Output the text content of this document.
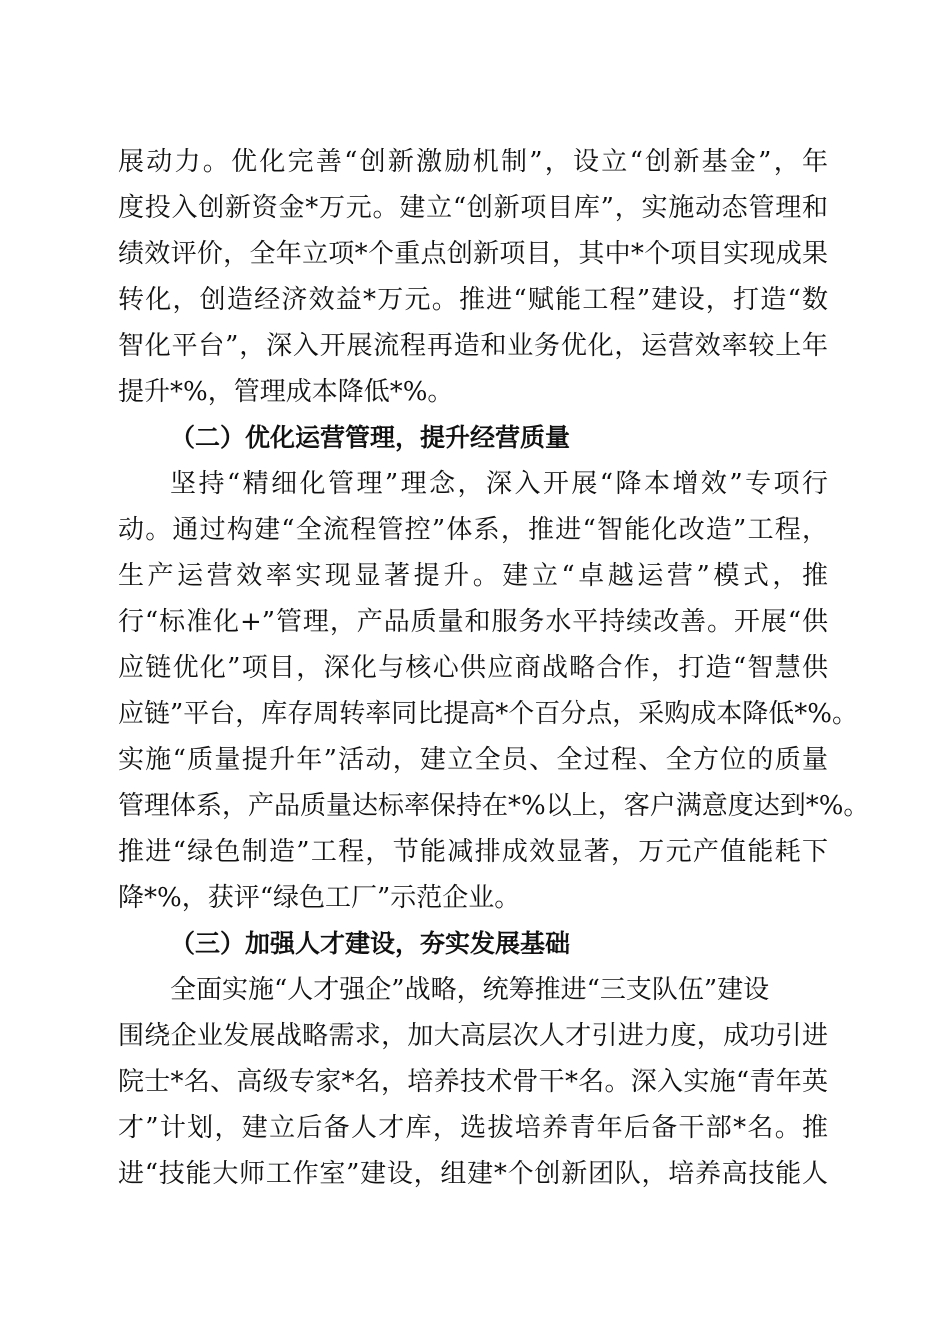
展动力。优化完善“创新激励机制”，设立“创新基金”，年
度投入创新资金*万元。建立“创新项目库”，实施动态管理和
绩效评价，全年立项*个重点创新项目，其中*个项目实现成果
转化，创造经济效益*万元。推进“赋能工程”建设，打造“数
智化平台”，深入开展流程再造和业务优化，运营效率较上年
提升*%，管理成本降低*%。
（二）优化运营管理，提升经营质量
坚持“精细化管理”理念，深入开展“降本增效”专项行
动。通过构建“全流程管控”体系，推进“智能化改造”工程，
生产运营效率实现显著提升。建立“卓越运营”模式，推
行“标准化+”管理，产品质量和服务水平持续改善。开展“供
应链优化”项目，深化与核心供应商战略合作，打造“智慧供
应链”平台，库存周转率同比提高*个百分点，采购成本降低*%。
实施“质量提升年”活动，建立全员、全过程、全方位的质量
管理体系，产品质量达标率保持在*%以上，客户满意度达到*%。
推进“绿色制造”工程，节能减排成效显著，万元产值能耗下
降*%，获评“绿色工厂”示范企业。
（三）加强人才建设，夯实发展基础
全面实施“人才强企”战略，统筹推进“三支队伍”建设
围绕企业发展战略需求，加大高层次人才引进力度，成功引进
院士*名、高级专家*名，培养技术骨干*名。深入实施“青年英
才”计划，建立后备人才库，选拔培养青年后备干部*名。推
进“技能大师工作室”建设，组建*个创新团队，培养高技能人
